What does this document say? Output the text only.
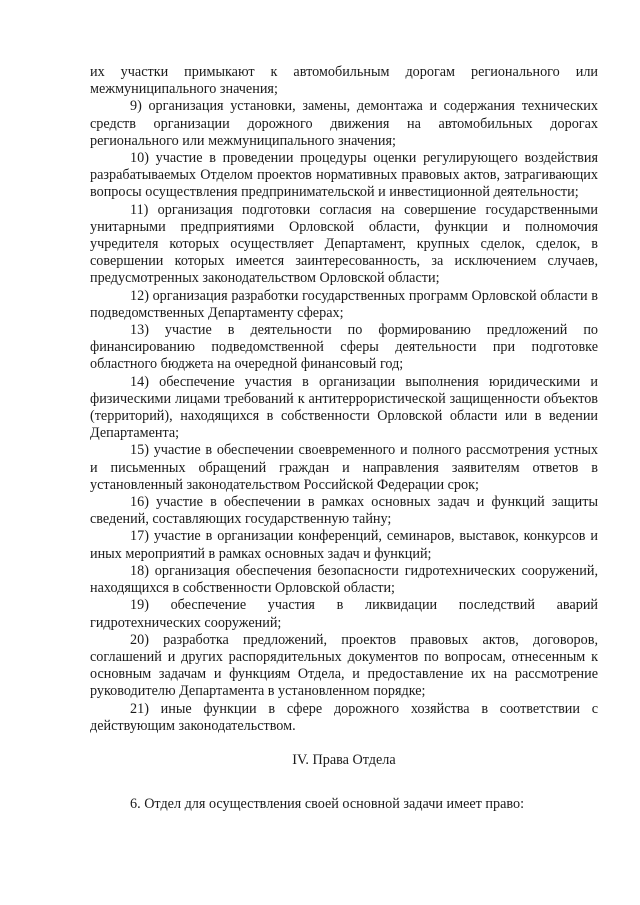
их участки примыкают к автомобильным дорогам регионального или межмуниципального значения;

9) организация установки, замены, демонтажа и содержания технических средств организации дорожного движения на автомобильных дорогах регионального или межмуниципального значения;

10) участие в проведении процедуры оценки регулирующего воздействия разрабатываемых Отделом проектов нормативных правовых актов, затрагивающих вопросы осуществления предпринимательской и инвестиционной деятельности;

11) организация подготовки согласия на совершение государственными унитарными предприятиями Орловской области, функции и полномочия учредителя которых осуществляет Департамент, крупных сделок, сделок, в совершении которых имеется заинтересованность, за исключением случаев, предусмотренных законодательством Орловской области;

12) организация разработки государственных программ Орловской области в подведомственных Департаменту сферах;

13) участие в деятельности по формированию предложений по финансированию подведомственной сферы деятельности при подготовке областного бюджета на очередной финансовый год;

14) обеспечение участия в организации выполнения юридическими и физическими лицами требований к антитеррористической защищенности объектов (территорий), находящихся в собственности Орловской области или в ведении Департамента;

15) участие в обеспечении своевременного и полного рассмотрения устных и письменных обращений граждан и направления заявителям ответов в установленный законодательством Российской Федерации срок;

16) участие в обеспечении в рамках основных задач и функций защиты сведений, составляющих государственную тайну;

17) участие в организации конференций, семинаров, выставок, конкурсов и иных мероприятий в рамках основных задач и функций;

18) организация обеспечения безопасности гидротехнических сооружений, находящихся в собственности Орловской области;

19) обеспечение участия в ликвидации последствий аварий гидротехнических сооружений;

20) разработка предложений, проектов правовых актов, договоров, соглашений и других распорядительных документов по вопросам, отнесенным к основным задачам и функциям Отдела, и предоставление их на рассмотрение руководителю Департамента в установленном порядке;

21) иные функции в сфере дорожного хозяйства в соответствии с действующим законодательством.

IV. Права Отдела

6. Отдел для осуществления своей основной задачи имеет право:
